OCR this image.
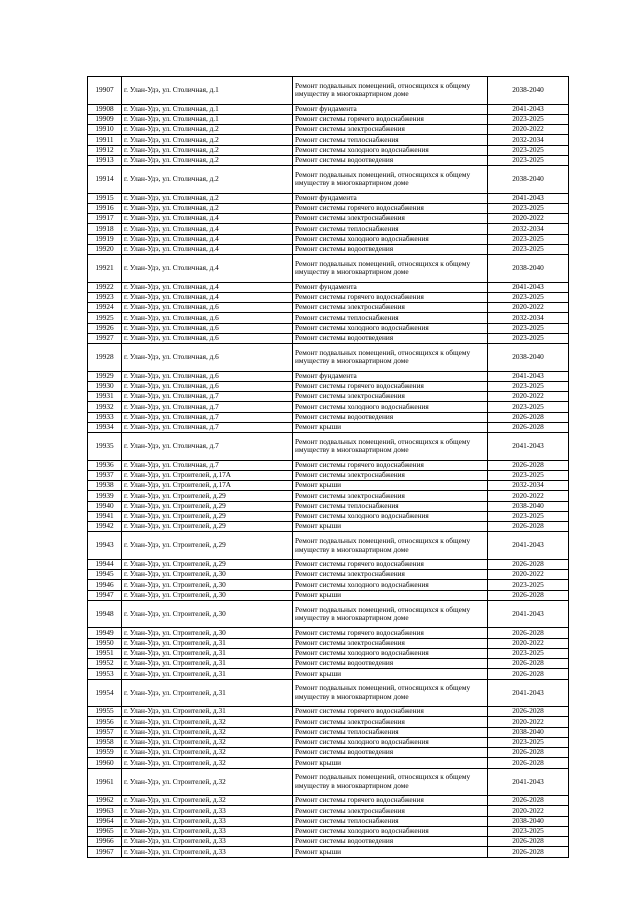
19907	г. Улан-Удэ, ул. Столичная, д.1	Ремонт подвальных помещений, относящихся к общему имуществу в многоквартирном доме	2038-2040
19908	г. Улан-Удэ, ул. Столичная, д.1	Ремонт фундамента	2041-2043
19909	г. Улан-Удэ, ул. Столичная, д.1	Ремонт системы горячего водоснабжения	2023-2025
19910	г. Улан-Удэ, ул. Столичная, д.2	Ремонт системы электроснабжения	2020-2022
19911	г. Улан-Удэ, ул. Столичная, д.2	Ремонт системы теплоснабжения	2032-2034
19912	г. Улан-Удэ, ул. Столичная, д.2	Ремонт системы холодного водоснабжения	2023-2025
19913	г. Улан-Удэ, ул. Столичная, д.2	Ремонт системы водоотведения	2023-2025
19914	г. Улан-Удэ, ул. Столичная, д.2	Ремонт подвальных помещений, относящихся к общему имуществу в многоквартирном доме	2038-2040
19915	г. Улан-Удэ, ул. Столичная, д.2	Ремонт фундамента	2041-2043
19916	г. Улан-Удэ, ул. Столичная, д.2	Ремонт системы горячего водоснабжения	2023-2025
19917	г. Улан-Удэ, ул. Столичная, д.4	Ремонт системы электроснабжения	2020-2022
19918	г. Улан-Удэ, ул. Столичная, д.4	Ремонт системы теплоснабжения	2032-2034
19919	г. Улан-Удэ, ул. Столичная, д.4	Ремонт системы холодного водоснабжения	2023-2025
19920	г. Улан-Удэ, ул. Столичная, д.4	Ремонт системы водоотведения	2023-2025
19921	г. Улан-Удэ, ул. Столичная, д.4	Ремонт подвальных помещений, относящихся к общему имуществу в многоквартирном доме	2038-2040
19922	г. Улан-Удэ, ул. Столичная, д.4	Ремонт фундамента	2041-2043
19923	г. Улан-Удэ, ул. Столичная, д.4	Ремонт системы горячего водоснабжения	2023-2025
19924	г. Улан-Удэ, ул. Столичная, д.6	Ремонт системы электроснабжения	2020-2022
19925	г. Улан-Удэ, ул. Столичная, д.6	Ремонт системы теплоснабжения	2032-2034
19926	г. Улан-Удэ, ул. Столичная, д.6	Ремонт системы холодного водоснабжения	2023-2025
19927	г. Улан-Удэ, ул. Столичная, д.6	Ремонт системы водоотведения	2023-2025
19928	г. Улан-Удэ, ул. Столичная, д.6	Ремонт подвальных помещений, относящихся к общему имуществу в многоквартирном доме	2038-2040
19929	г. Улан-Удэ, ул. Столичная, д.6	Ремонт фундамента	2041-2043
19930	г. Улан-Удэ, ул. Столичная, д.6	Ремонт системы горячего водоснабжения	2023-2025
19931	г. Улан-Удэ, ул. Столичная, д.7	Ремонт системы электроснабжения	2020-2022
19932	г. Улан-Удэ, ул. Столичная, д.7	Ремонт системы холодного водоснабжения	2023-2025
19933	г. Улан-Удэ, ул. Столичная, д.7	Ремонт системы водоотведения	2026-2028
19934	г. Улан-Удэ, ул. Столичная, д.7	Ремонт крыши	2026-2028
19935	г. Улан-Удэ, ул. Столичная, д.7	Ремонт подвальных помещений, относящихся к общему имуществу в многоквартирном доме	2041-2043
19936	г. Улан-Удэ, ул. Столичная, д.7	Ремонт системы горячего водоснабжения	2026-2028
19937	г. Улан-Удэ, ул. Строителей, д.17А	Ремонт системы электроснабжения	2023-2025
19938	г. Улан-Удэ, ул. Строителей, д.17А	Ремонт крыши	2032-2034
19939	г. Улан-Удэ, ул. Строителей, д.29	Ремонт системы электроснабжения	2020-2022
19940	г. Улан-Удэ, ул. Строителей, д.29	Ремонт системы теплоснабжения	2038-2040
19941	г. Улан-Удэ, ул. Строителей, д.29	Ремонт системы холодного водоснабжения	2023-2025
19942	г. Улан-Удэ, ул. Строителей, д.29	Ремонт крыши	2026-2028
19943	г. Улан-Удэ, ул. Строителей, д.29	Ремонт подвальных помещений, относящихся к общему имуществу в многоквартирном доме	2041-2043
19944	г. Улан-Удэ, ул. Строителей, д.29	Ремонт системы горячего водоснабжения	2026-2028
19945	г. Улан-Удэ, ул. Строителей, д.30	Ремонт системы электроснабжения	2020-2022
19946	г. Улан-Удэ, ул. Строителей, д.30	Ремонт системы холодного водоснабжения	2023-2025
19947	г. Улан-Удэ, ул. Строителей, д.30	Ремонт крыши	2026-2028
19948	г. Улан-Удэ, ул. Строителей, д.30	Ремонт подвальных помещений, относящихся к общему имуществу в многоквартирном доме	2041-2043
19949	г. Улан-Удэ, ул. Строителей, д.30	Ремонт системы горячего водоснабжения	2026-2028
19950	г. Улан-Удэ, ул. Строителей, д.31	Ремонт системы электроснабжения	2020-2022
19951	г. Улан-Удэ, ул. Строителей, д.31	Ремонт системы холодного водоснабжения	2023-2025
19952	г. Улан-Удэ, ул. Строителей, д.31	Ремонт системы водоотведения	2026-2028
19953	г. Улан-Удэ, ул. Строителей, д.31	Ремонт крыши	2026-2028
19954	г. Улан-Удэ, ул. Строителей, д.31	Ремонт подвальных помещений, относящихся к общему имуществу в многоквартирном доме	2041-2043
19955	г. Улан-Удэ, ул. Строителей, д.31	Ремонт системы горячего водоснабжения	2026-2028
19956	г. Улан-Удэ, ул. Строителей, д.32	Ремонт системы электроснабжения	2020-2022
19957	г. Улан-Удэ, ул. Строителей, д.32	Ремонт системы теплоснабжения	2038-2040
19958	г. Улан-Удэ, ул. Строителей, д.32	Ремонт системы холодного водоснабжения	2023-2025
19959	г. Улан-Удэ, ул. Строителей, д.32	Ремонт системы водоотведения	2026-2028
19960	г. Улан-Удэ, ул. Строителей, д.32	Ремонт крыши	2026-2028
19961	г. Улан-Удэ, ул. Строителей, д.32	Ремонт подвальных помещений, относящихся к общему имуществу в многоквартирном доме	2041-2043
19962	г. Улан-Удэ, ул. Строителей, д.32	Ремонт системы горячего водоснабжения	2026-2028
19963	г. Улан-Удэ, ул. Строителей, д.33	Ремонт системы электроснабжения	2020-2022
19964	г. Улан-Удэ, ул. Строителей, д.33	Ремонт системы теплоснабжения	2038-2040
19965	г. Улан-Удэ, ул. Строителей, д.33	Ремонт системы холодного водоснабжения	2023-2025
19966	г. Улан-Удэ, ул. Строителей, д.33	Ремонт системы водоотведения	2026-2028
19967	г. Улан-Удэ, ул. Строителей, д.33	Ремонт крыши	2026-2028
